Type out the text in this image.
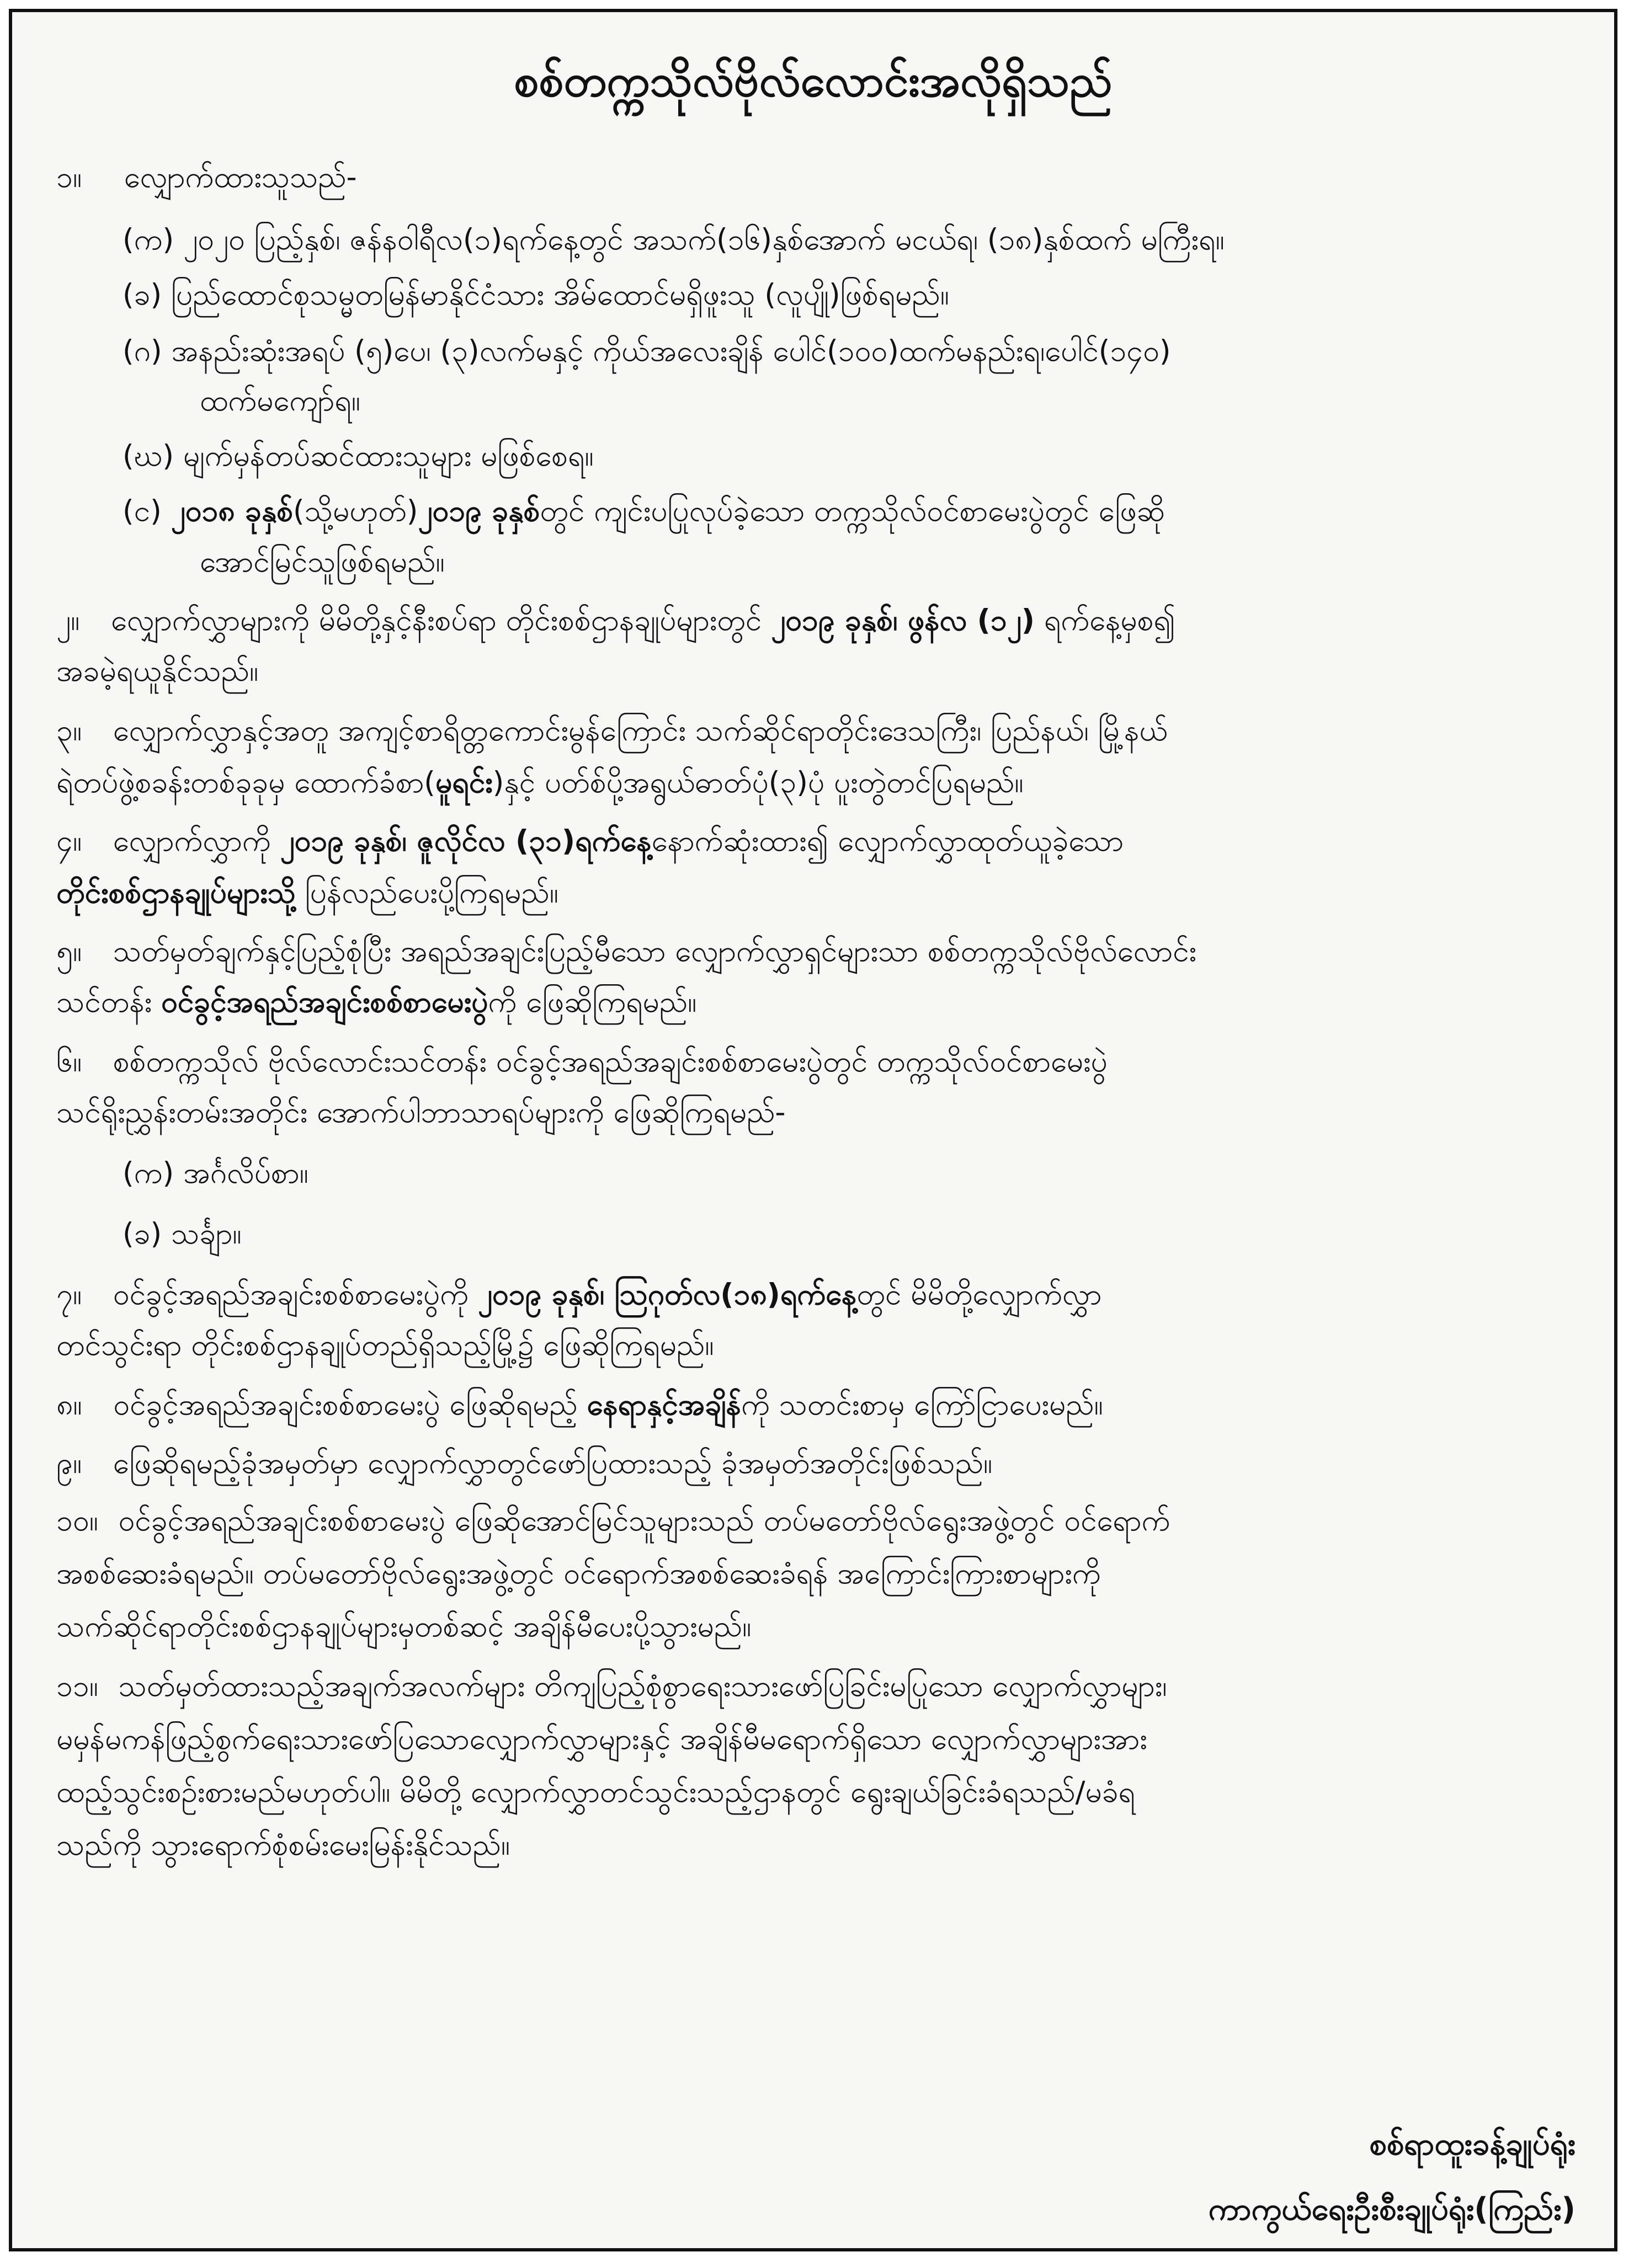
စစ်တက္ကသိုလ်ဗိုလ်လောင်းအလိုရှိသည်
၁။ လျှောက်ထားသူသည်-
(က) ၂၀၂၀ ပြည့်နှစ်၊ ဇန်နဝါရီလ(၁)ရက်နေ့တွင် အသက်(၁၆)နှစ်အောက် မငယ်ရ၊ (၁၈)နှစ်ထက် မကြီးရ။
(ခ) ပြည်ထောင်စုသမ္မတမြန်မာနိုင်ငံသား အိမ်ထောင်မရှိဖူးသူ (လူပျို)ဖြစ်ရမည်။
(ဂ) အနည်းဆုံးအရပ် (၅)ပေ၊ (၃)လက်မနှင့် ကိုယ်အလေးချိန် ပေါင်(၁၀၀)ထက်မနည်းရ၊ပေါင်(၁၄၀)
ထက်မကျော်ရ။
(ဃ) မျက်မှန်တပ်ဆင်ထားသူများ မဖြစ်စေရ။
(င) ၂၀၁၈ ခုနှစ်(သို့မဟုတ်)၂၀၁၉ ခုနှစ်တွင် ကျင်းပပြုလုပ်ခဲ့သော တက္ကသိုလ်ဝင်စာမေးပွဲတွင် ဖြေဆို
အောင်မြင်သူဖြစ်ရမည်။
၂။ လျှောက်လွှာများကို မိမိတို့နှင့်နီးစပ်ရာ တိုင်းစစ်ဌာနချုပ်များတွင် ၂၀၁၉ ခုနှစ်၊ ဖွန်လ (၁၂) ရက်နေ့မှစ၍
အခမဲ့ရယူနိုင်သည်။
၃။ လျှောက်လွှာနှင့်အတူ အကျင့်စာရိတ္တကောင်းမွန်ကြောင်း သက်ဆိုင်ရာတိုင်းဒေသကြီး၊ ပြည်နယ်၊ မြို့နယ်
ရဲတပ်ဖွဲ့စခန်းတစ်ခုခုမှ ထောက်ခံစာ(မူရင်း)နှင့် ပတ်စ်ပို့အရွယ်ဓာတ်ပုံ(၃)ပုံ ပူးတွဲတင်ပြရမည်။
၄။ လျှောက်လွှာကို ၂၀၁၉ ခုနှစ်၊ ဇူလိုင်လ (၃၁)ရက်နေ့နောက်ဆုံးထား၍ လျှောက်လွှာထုတ်ယူခဲ့သော
တိုင်းစစ်ဌာနချုပ်များသို့ ပြန်လည်ပေးပို့ကြရမည်။
၅။ သတ်မှတ်ချက်နှင့်ပြည့်စုံပြီး အရည်အချင်းပြည့်မီသော လျှောက်လွှာရှင်များသာ စစ်တက္ကသိုလ်ဗိုလ်လောင်း
သင်တန်း ဝင်ခွင့်အရည်အချင်းစစ်စာမေးပွဲကို ဖြေဆိုကြရမည်။
၆။ စစ်တက္ကသိုလ် ဗိုလ်လောင်းသင်တန်း ဝင်ခွင့်အရည်အချင်းစစ်စာမေးပွဲတွင် တက္ကသိုလ်ဝင်စာမေးပွဲ
သင်ရိုးညွှန်းတမ်းအတိုင်း အောက်ပါဘာသာရပ်များကို ဖြေဆိုကြရမည်-
(က) အင်္ဂလိပ်စာ။
(ခ) သင်္ချာ။
၇။ ဝင်ခွင့်အရည်အချင်းစစ်စာမေးပွဲကို ၂၀၁၉ ခုနှစ်၊ သြဂုတ်လ(၁၈)ရက်နေ့တွင် မိမိတို့လျှောက်လွှာ
တင်သွင်းရာ တိုင်းစစ်ဌာနချုပ်တည်ရှိသည့်မြို့၌ ဖြေဆိုကြရမည်။
၈။ ဝင်ခွင့်အရည်အချင်းစစ်စာမေးပွဲ ဖြေဆိုရမည့် နေရာနှင့်အချိန်ကို သတင်းစာမှ ကြော်ငြာပေးမည်။
၉။ ဖြေဆိုရမည့်ခုံအမှတ်မှာ လျှောက်လွှာတွင်ဖော်ပြထားသည့် ခုံအမှတ်အတိုင်းဖြစ်သည်။
၁၀။ ဝင်ခွင့်အရည်အချင်းစစ်စာမေးပွဲ ဖြေဆိုအောင်မြင်သူများသည် တပ်မတော်ဗိုလ်ရွေးအဖွဲ့တွင် ဝင်ရောက်
အစစ်ဆေးခံရမည်။ တပ်မတော်ဗိုလ်ရွေးအဖွဲ့တွင် ဝင်ရောက်အစစ်ဆေးခံရန် အကြောင်းကြားစာများကို
သက်ဆိုင်ရာတိုင်းစစ်ဌာနချုပ်များမှတစ်ဆင့် အချိန်မီပေးပို့သွားမည်။
၁၁။ သတ်မှတ်ထားသည့်အချက်အလက်များ တိကျပြည့်စုံစွာရေးသားဖော်ပြခြင်းမပြုသော လျှောက်လွှာများ၊
မမှန်မကန်ဖြည့်စွက်ရေးသားဖော်ပြသောလျှောက်လွှာများနှင့် အချိန်မီမရောက်ရှိသော လျှောက်လွှာများအား
ထည့်သွင်းစဉ်းစားမည်မဟုတ်ပါ။ မိမိတို့ လျှောက်လွှာတင်သွင်းသည့်ဌာနတွင် ရွေးချယ်ခြင်းခံရသည်/မခံရ
သည်ကို သွားရောက်စုံစမ်းမေးမြန်းနိုင်သည်။
စစ်ရာထူးခန့်ချုပ်ရုံး
ကာကွယ်ရေးဦးစီးချုပ်ရုံး(ကြည်း)
